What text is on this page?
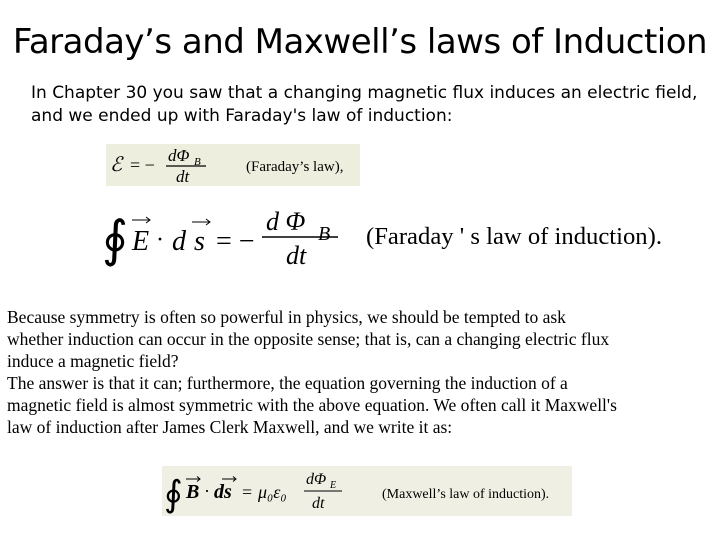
Faraday’s and Maxwell’s laws of Induction
In Chapter 30 you saw that a changing magnetic flux induces an electric field,
and we ended up with Faraday's law of induction:
ℰ = − dΦ B
dt	(Faraday’s law),
∮ E · d s = −
d Φ B
dt
(Faraday ' s law of induction).
Because symmetry is often so powerful in physics, we should be tempted to ask
whether induction can occur in the opposite sense; that is, can a changing electric flux
induce a magnetic field?
The answer is that it can; furthermore, the equation governing the induction of a
magnetic field is almost symmetric with the above equation. We often call it Maxwell's
law of induction after James Clerk Maxwell, and we write it as:
∮ B · ds = μ₀ε₀
dΦ E
dt
(Maxwell’s law of induction).
